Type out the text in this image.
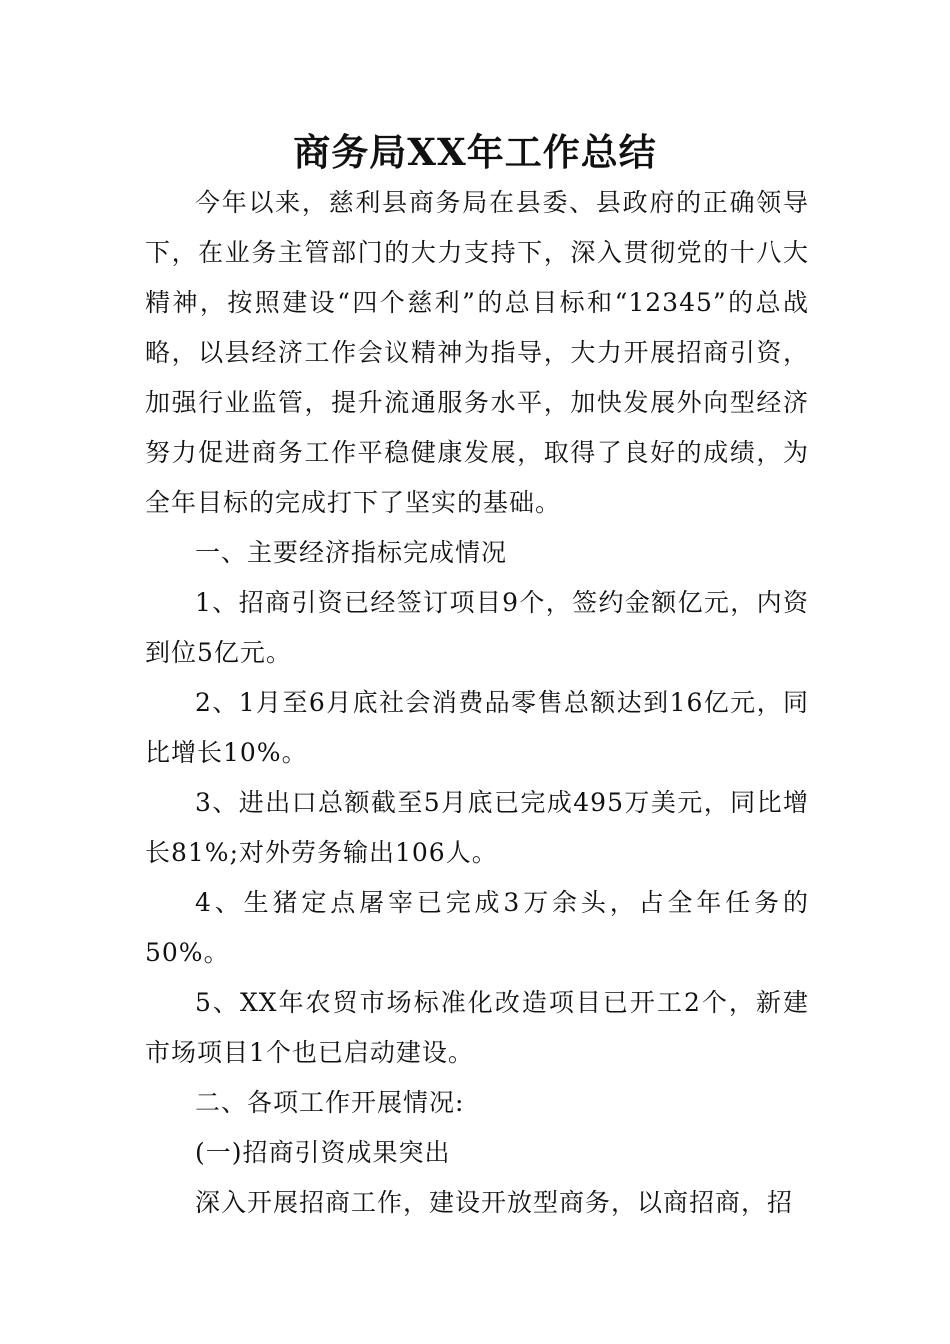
商务局XX年工作总结

今年以来，慈利县商务局在县委、县政府的正确领导下，在业务主管部门的大力支持下，深入贯彻党的十八大精神，按照建设“四个慈利”的总目标和“12345”的总战略，以县经济工作会议精神为指导，大力开展招商引资，加强行业监管，提升流通服务水平，加快发展外向型经济努力促进商务工作平稳健康发展，取得了良好的成绩，为全年目标的完成打下了坚实的基础。

一、主要经济指标完成情况

1、招商引资已经签订项目9个，签约金额亿元，内资到位5亿元。

2、1月至6月底社会消费品零售总额达到16亿元，同比增长10%。

3、进出口总额截至5月底已完成495万美元，同比增长81%;对外劳务输出106人。

4、生猪定点屠宰已完成3万余头，占全年任务的50%。

5、XX年农贸市场标准化改造项目已开工2个，新建市场项目1个也已启动建设。

二、各项工作开展情况:

(一)招商引资成果突出

深入开展招商工作，建设开放型商务，以商招商，招
